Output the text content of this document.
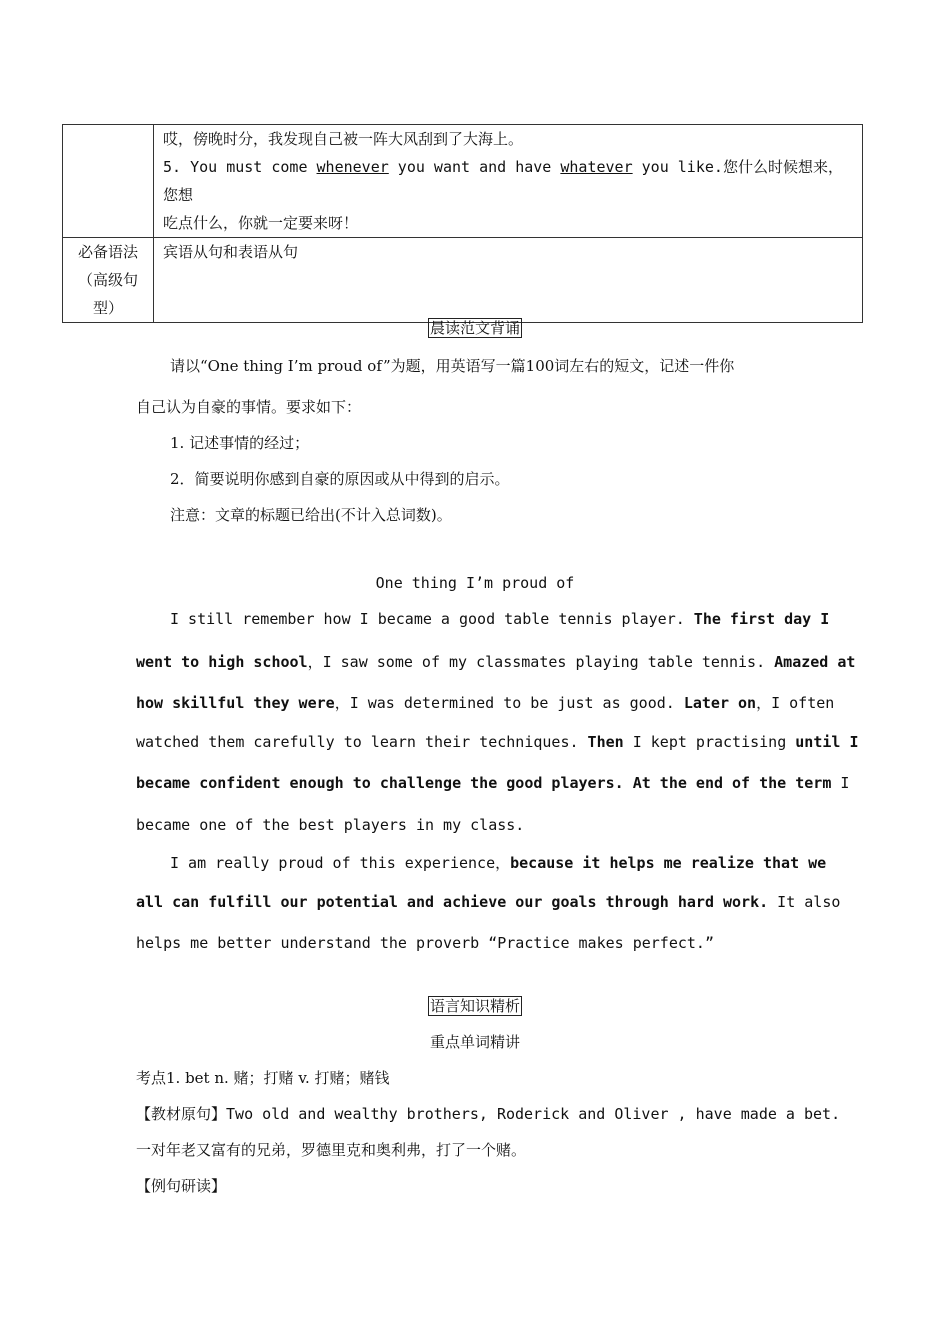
	哎，傍晚时分，我发现自己被一阵大风刮到了大海上。
5. You must come whenever you want and have whatever you like.您什么时候想来，您想
吃点什么，你就一定要来呀！

必备语法
（高级句
型）	宾语从句和表语从句
晨读范文背诵
请以“One thing I’m proud of”为题，用英语写一篇100词左右的短文，记述一件你
自己认为自豪的事情。要求如下：
1. 记述事情的经过；
2．简要说明你感到自豪的原因或从中得到的启示。
注意：文章的标题已给出(不计入总词数)。
One thing I’m proud of
I still remember how I became a good table tennis player. The first day I
went to high school，I saw some of my classmates playing table tennis. Amazed at
how skillful they were，I was determined to be just as good. Later on，I often
watched them carefully to learn their techniques. Then I kept practising until I
became confident enough to challenge the good players. At the end of the term I
became one of the best players in my class.
I am really proud of this experience，because it helps me realize that we
all can fulfill our potential and achieve our goals through hard work. It also
helps me better understand the proverb “Practice makes perfect.”
语言知识精析
重点单词精讲
考点1. bet n. 赌；打赌 v. 打赌；赌钱
【教材原句】Two old and wealthy brothers, Roderick and Oliver , have made a bet.
一对年老又富有的兄弟，罗德里克和奥利弗，打了一个赌。
【例句研读】
